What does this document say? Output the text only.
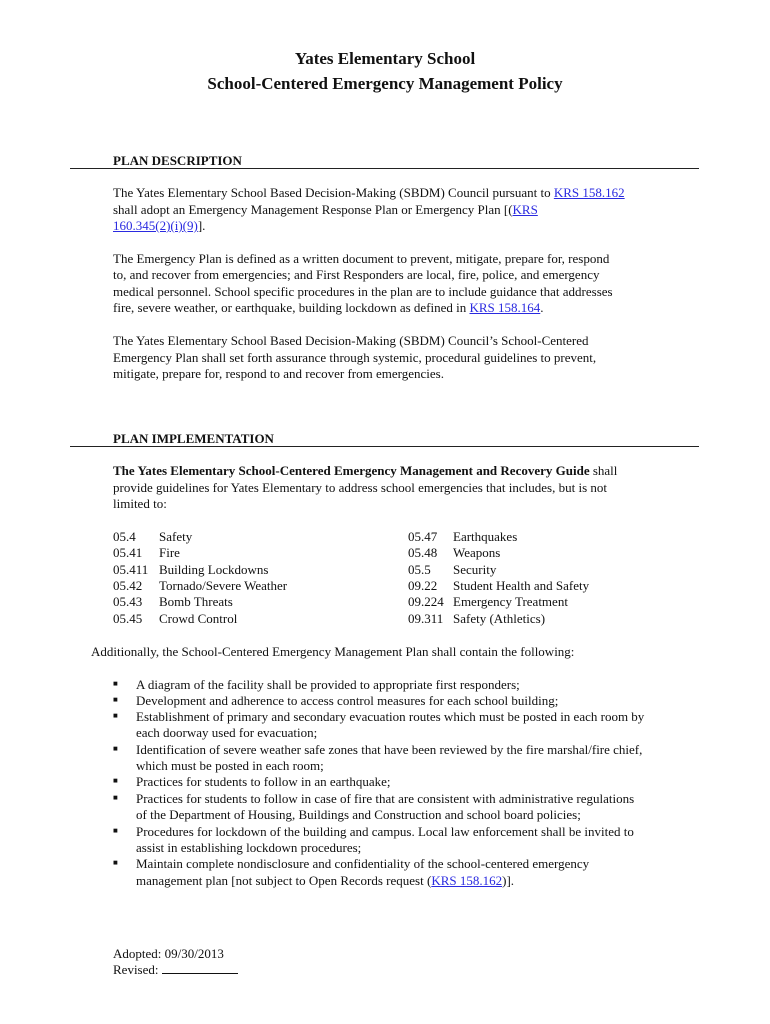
Yates Elementary School
School-Centered Emergency Management Policy
PLAN DESCRIPTION
The Yates Elementary School Based Decision-Making (SBDM) Council pursuant to KRS 158.162
shall adopt an Emergency Management Response Plan or Emergency Plan [(KRS
160.345(2)(i)(9)].
The Emergency Plan is defined as a written document to prevent, mitigate, prepare for, respond
to, and recover from emergencies; and First Responders are local, fire, police, and emergency
medical personnel. School specific procedures in the plan are to include guidance that addresses
fire, severe weather, or earthquake, building lockdown as defined in KRS 158.164.
The Yates Elementary School Based Decision-Making (SBDM) Council’s School-Centered
Emergency Plan shall set forth assurance through systemic, procedural guidelines to prevent,
mitigate, prepare for, respond to and recover from emergencies.
PLAN IMPLEMENTATION
The Yates Elementary School-Centered Emergency Management and Recovery Guide shall
provide guidelines for Yates Elementary to address school emergencies that includes, but is not
limited to:
05.4 Safety
05.41 Fire
05.411 Building Lockdowns
05.42 Tornado/Severe Weather
05.43 Bomb Threats
05.45 Crowd Control
05.47 Earthquakes
05.48 Weapons
05.5 Security
09.22 Student Health and Safety
09.224 Emergency Treatment
09.311 Safety (Athletics)
Additionally, the School-Centered Emergency Management Plan shall contain the following:
■ A diagram of the facility shall be provided to appropriate first responders;
■ Development and adherence to access control measures for each school building;
■ Establishment of primary and secondary evacuation routes which must be posted in each room by
each doorway used for evacuation;
■ Identification of severe weather safe zones that have been reviewed by the fire marshal/fire chief,
which must be posted in each room;
■ Practices for students to follow in an earthquake;
■ Practices for students to follow in case of fire that are consistent with administrative regulations
of the Department of Housing, Buildings and Construction and school board policies;
■ Procedures for lockdown of the building and campus. Local law enforcement shall be invited to
assist in establishing lockdown procedures;
■ Maintain complete nondisclosure and confidentiality of the school-centered emergency
management plan [not subject to Open Records request (KRS 158.162)].
Adopted: 09/30/2013
Revised:
